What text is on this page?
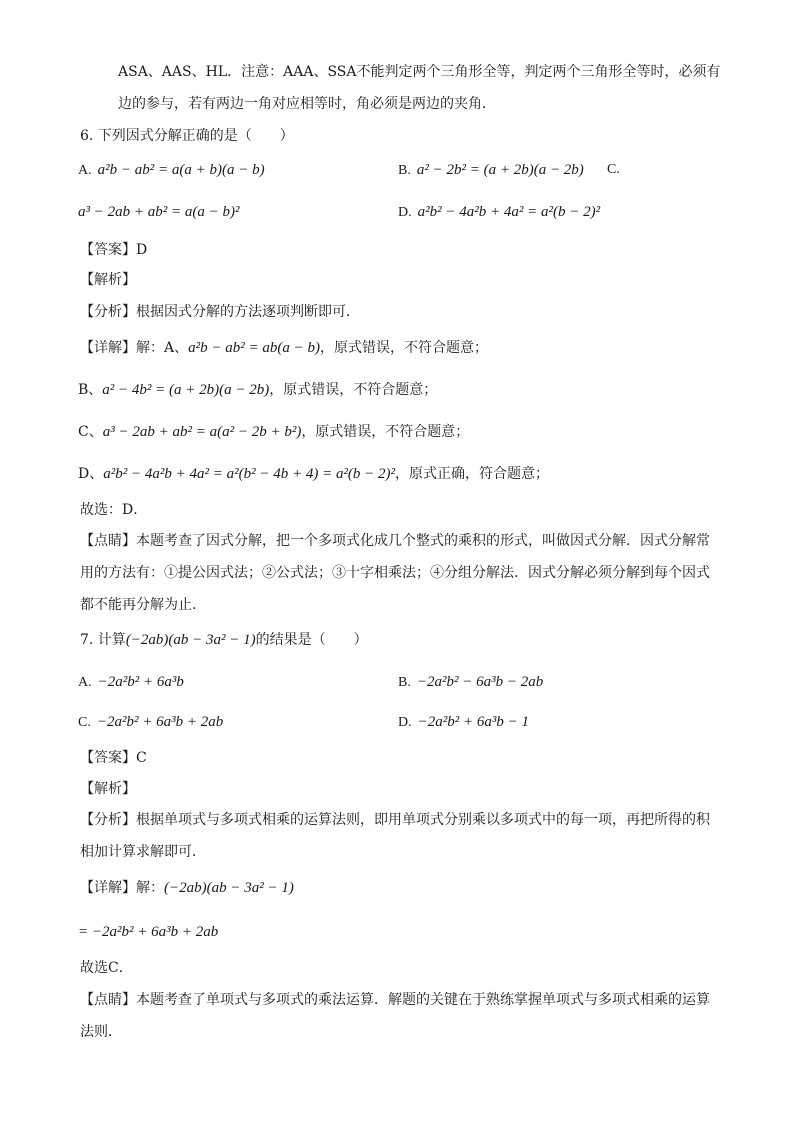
ASA、AAS、HL．注意：AAA、SSA不能判定两个三角形全等，判定两个三角形全等时，必须有
边的参与，若有两边一角对应相等时，角必须是两边的夹角．
6. 下列因式分解正确的是（　　）
A. a²b − ab² = a(a + b)(a − b)	B. a² − 2b² = (a + 2b)(a − 2b) C.
a³ − 2ab + ab² = a(a − b)²	D. a²b² − 4a²b + 4a² = a²(b − 2)²
【答案】D
【解析】
【分析】根据因式分解的方法逐项判断即可．
【详解】解：A、a²b − ab² = ab(a − b)，原式错误，不符合题意；
B、a² − 4b² = (a + 2b)(a − 2b)，原式错误，不符合题意；
C、a³ − 2ab + ab² = a(a² − 2b + b²)，原式错误，不符合题意；
D、a²b² − 4a²b + 4a² = a²(b² − 4b + 4) = a²(b − 2)²，原式正确，符合题意；
故选：D．
【点睛】本题考查了因式分解，把一个多项式化成几个整式的乘积的形式，叫做因式分解．因式分解常
用的方法有：①提公因式法；②公式法；③十字相乘法；④分组分解法．因式分解必须分解到每个因式
都不能再分解为止．
7. 计算(−2ab)(ab − 3a² − 1)的结果是（　　）
A. −2a²b² + 6a³b	B. −2a²b² − 6a³b − 2ab
C. −2a²b² + 6a³b + 2ab	D. −2a²b² + 6a³b − 1
【答案】C
【解析】
【分析】根据单项式与多项式相乘的运算法则，即用单项式分别乘以多项式中的每一项，再把所得的积
相加计算求解即可．
【详解】解：(−2ab)(ab − 3a² − 1)
= −2a²b² + 6a³b + 2ab
故选C．
【点睛】本题考查了单项式与多项式的乘法运算．解题的关键在于熟练掌握单项式与多项式相乘的运算
法则．
